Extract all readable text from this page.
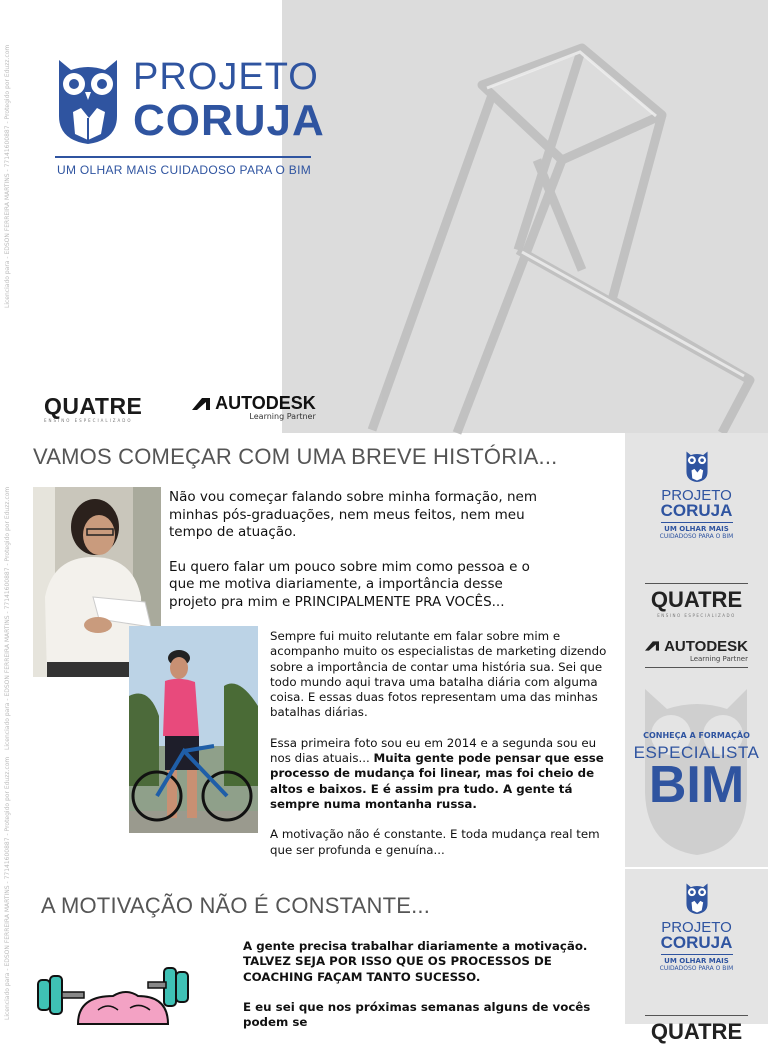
PROJETO
CORUJA
UM OLHAR MAIS CUIDADOSO PARA O BIM
QUATRE
ENSINO ESPECIALIZADO
AUTODESK
Learning Partner
Licenciado para - EDSON FERREIRA MARTINS - 77141600887 - Protegido por Eduzz.com
Licenciado para - EDSON FERREIRA MARTINS - 77141600887 - Protegido por Eduzz.com
Licenciado para - EDSON FERREIRA MARTINS - 77141600887 - Protegido por Eduzz.com
PROJETO
CORUJA
UM OLHAR MAIS
CUIDADOSO PARA O BIM
QUATRE
ENSINO ESPECIALIZADO
AUTODESK
Learning Partner
CONHEÇA A FORMAÇÃO
ESPECIALISTA
BIM
PROJETO
CORUJA
UM OLHAR MAIS
CUIDADOSO PARA O BIM
QUATRE
VAMOS COMEÇAR COM UMA BREVE HISTÓRIA...

Não vou começar falando sobre minha formação, nem minhas pós-graduações, nem meus feitos, nem meu tempo de atuação.

Eu quero falar um pouco sobre mim como pessoa e o que me motiva diariamente, a importância desse projeto pra mim e PRINCIPALMENTE PRA VOCÊS...

Sempre fui muito relutante em falar sobre mim e acompanho muito os especialistas de marketing dizendo sobre a importância de contar uma história sua. Sei que todo mundo aqui trava uma batalha diária com alguma coisa. E essas duas fotos representam uma das minhas batalhas diárias.

Essa primeira foto sou eu em 2014 e a segunda sou eu nos dias atuais... Muita gente pode pensar que esse processo de mudança foi linear, mas foi cheio de altos e baixos. E é assim pra tudo. A gente tá sempre numa montanha russa.

A motivação não é constante. E toda mudança real tem que ser profunda e genuína...

A MOTIVAÇÃO NÃO É CONSTANTE...

A gente precisa trabalhar diariamente a motivação. TALVEZ SEJA POR ISSO QUE OS PROCESSOS DE COACHING FAÇAM TANTO SUCESSO.

E eu sei que nos próximas semanas alguns de vocês podem se
